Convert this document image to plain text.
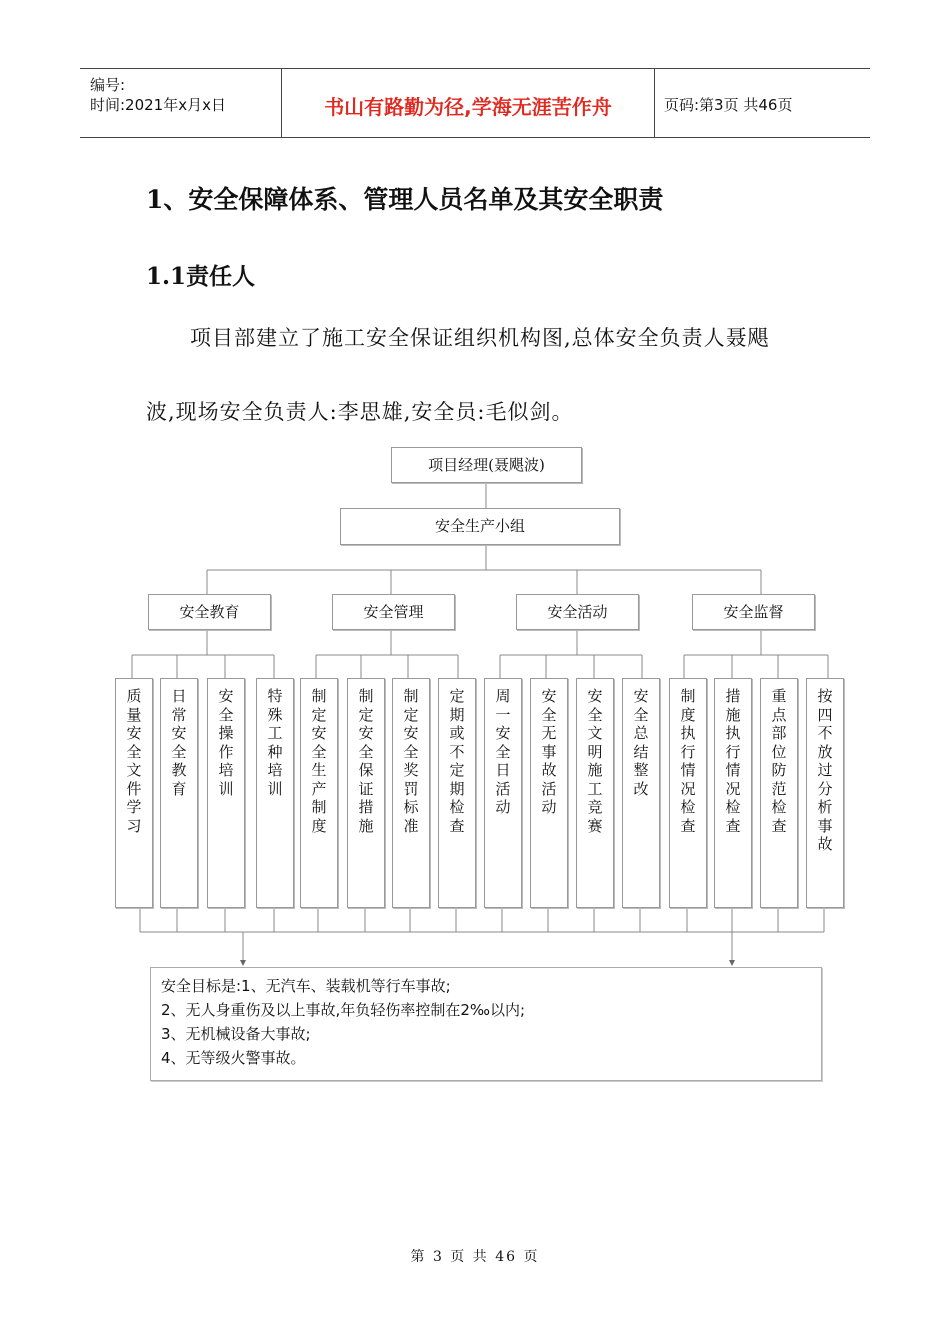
编号:
时间:2021年x月x日	书山有路勤为径,学海无涯苦作舟	页码:第3页 共46页
1、安全保障体系、管理人员名单及其安全职责
1.1责任人
项目部建立了施工安全保证组织机构图,总体安全负责人聂飓
波,现场安全负责人:李思雄,安全员:毛似剑。
项目经理(聂飓波)
安全生产小组
安全教育	安全管理	安全活动	安全监督
质量安全文件学习
日常安全教育
安全操作培训
特殊工种培训
制定安全生产制度
制定安全保证措施
制定安全奖罚标准
定期或不定期检查
周一安全日活动
安全无事故活动
安全文明施工竞赛
安全总结整改
制度执行情况检查
措施执行情况检查
重点部位防范检查
按四不放过分析事故
安全目标是:1、无汽车、装载机等行车事故;
2、无人身重伤及以上事故,年负轻伤率控制在2‰以内;
3、无机械设备大事故;
4、无等级火警事故。
第 3 页 共 46 页
